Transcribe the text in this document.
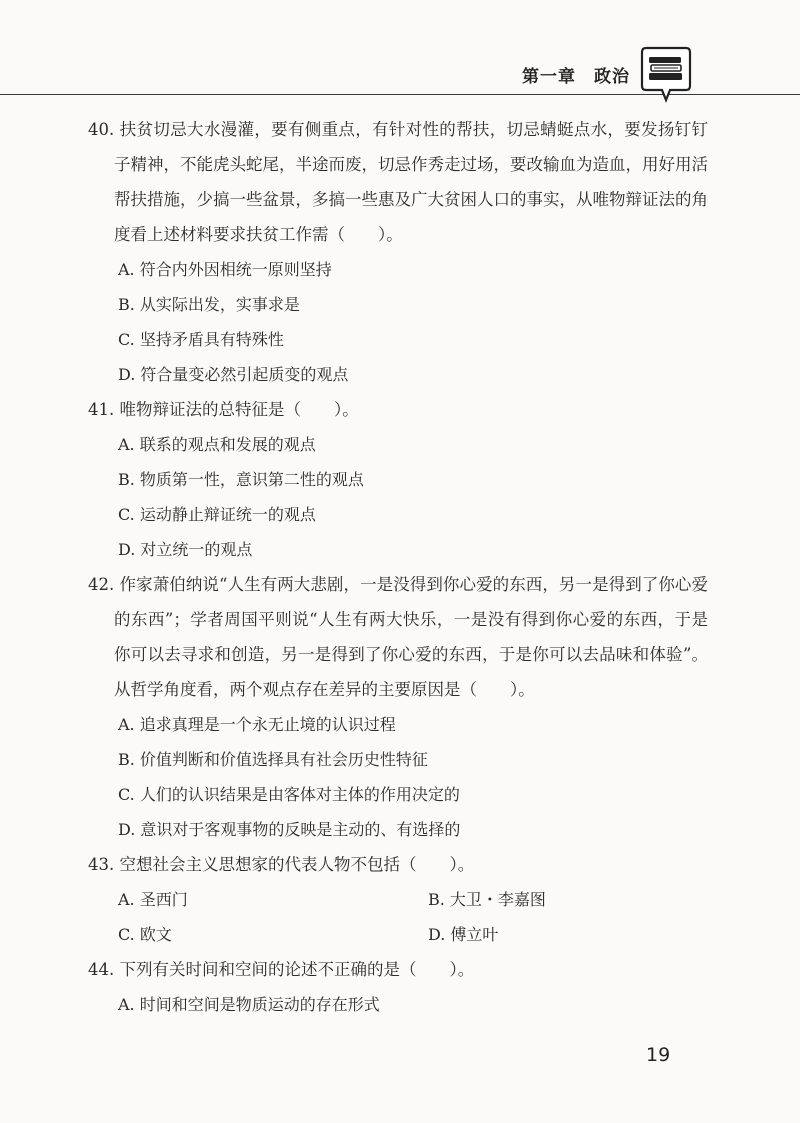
第一章　政治

40. 扶贫切忌大水漫灌，要有侧重点，有针对性的帮扶，切忌蜻蜓点水，要发扬钉钉子精神，不能虎头蛇尾，半途而废，切忌作秀走过场，要改输血为造血，用好用活帮扶措施，少搞一些盆景，多搞一些惠及广大贫困人口的事实，从唯物辩证法的角度看上述材料要求扶贫工作需（　　）。

A. 符合内外因相统一原则坚持

B. 从实际出发，实事求是

C. 坚持矛盾具有特殊性

D. 符合量变必然引起质变的观点

41. 唯物辩证法的总特征是（　　）。

A. 联系的观点和发展的观点

B. 物质第一性，意识第二性的观点

C. 运动静止辩证统一的观点

D. 对立统一的观点

42. 作家萧伯纳说“人生有两大悲剧，一是没得到你心爱的东西，另一是得到了你心爱的东西”；学者周国平则说“人生有两大快乐，一是没有得到你心爱的东西，于是你可以去寻求和创造，另一是得到了你心爱的东西，于是你可以去品味和体验”。从哲学角度看，两个观点存在差异的主要原因是（　　）。

A. 追求真理是一个永无止境的认识过程

B. 价值判断和价值选择具有社会历史性特征

C. 人们的认识结果是由客体对主体的作用决定的

D. 意识对于客观事物的反映是主动的、有选择的

43. 空想社会主义思想家的代表人物不包括（　　）。

A. 圣西门	B. 大卫・李嘉图

C. 欧文	D. 傅立叶

44. 下列有关时间和空间的论述不正确的是（　　）。

A. 时间和空间是物质运动的存在形式

19
